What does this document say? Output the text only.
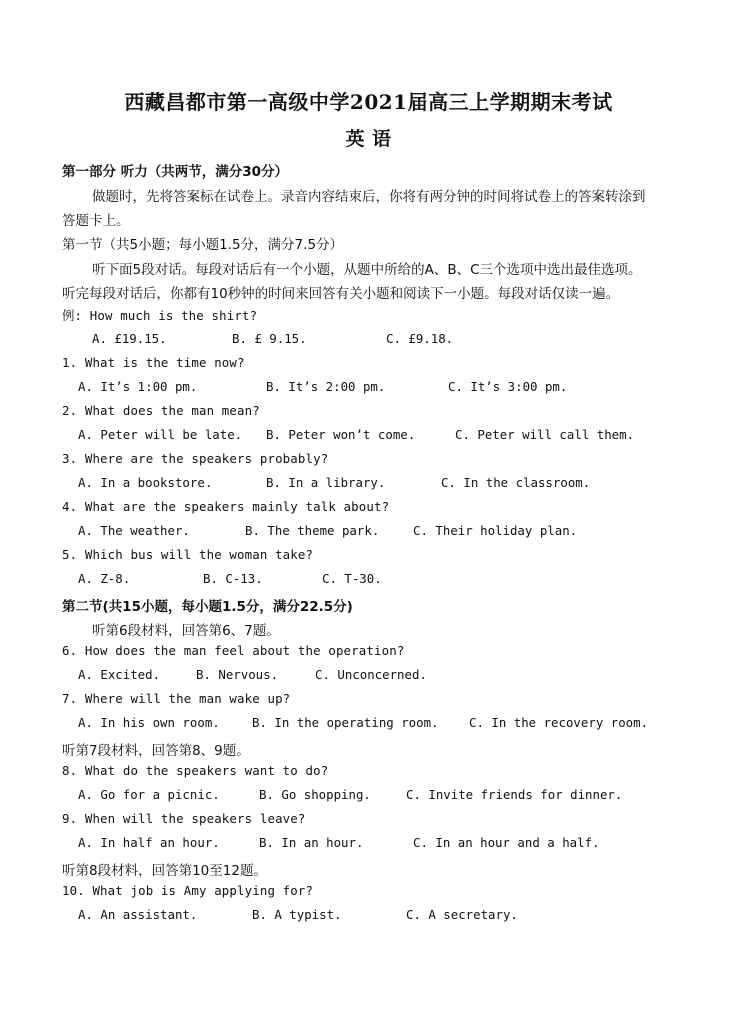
西藏昌都市第一高级中学2021届高三上学期期末考试
英 语
第一部分 听力（共两节，满分30分）
做题时，先将答案标在试卷上。录音内容结束后，你将有两分钟的时间将试卷上的答案转涂到
答题卡上。
第一节（共5小题；每小题1.5分，满分7.5分）
听下面5段对话。每段对话后有一个小题，从题中所给的A、B、C三个选项中选出最佳选项。
听完每段对话后，你都有10秒钟的时间来回答有关小题和阅读下一小题。每段对话仅读一遍。
例: How much is the shirt?
A. £19.15.	B. £ 9.15.	C. £9.18.
1. What is the time now?
A. It’s 1:00 pm.	B. It’s 2:00 pm.	C. It’s 3:00 pm.
2. What does the man mean?
A. Peter will be late. B. Peter won’t come.	C. Peter will call them.
3. Where are the speakers probably?
A. In a bookstore.	B. In a library.	C. In the classroom.
4. What are the speakers mainly talk about?
A. The weather.	B. The theme park.	C. Their holiday plan.
5. Which bus will the woman take?
A. Z-8.	B. C-13.	C. T-30.
第二节(共15小题，每小题1.5分，满分22.5分)
听第6段材料，回答第6、7题。
6. How does the man feel about the operation?
A. Excited.	B. Nervous.	C. Unconcerned.
7. Where will the man wake up?
A. In his own room.	B. In the operating room. C. In the recovery room.
听第7段材料，回答第8、9题。
8. What do the speakers want to do?
A. Go for a picnic.	B. Go shopping.	C. Invite friends for dinner.
9. When will the speakers leave?
A. In half an hour.	B. In an hour.	C. In an hour and a half.
听第8段材料，回答第10至12题。
10. What job is Amy applying for?
A. An assistant.	B. A typist.	C. A secretary.
